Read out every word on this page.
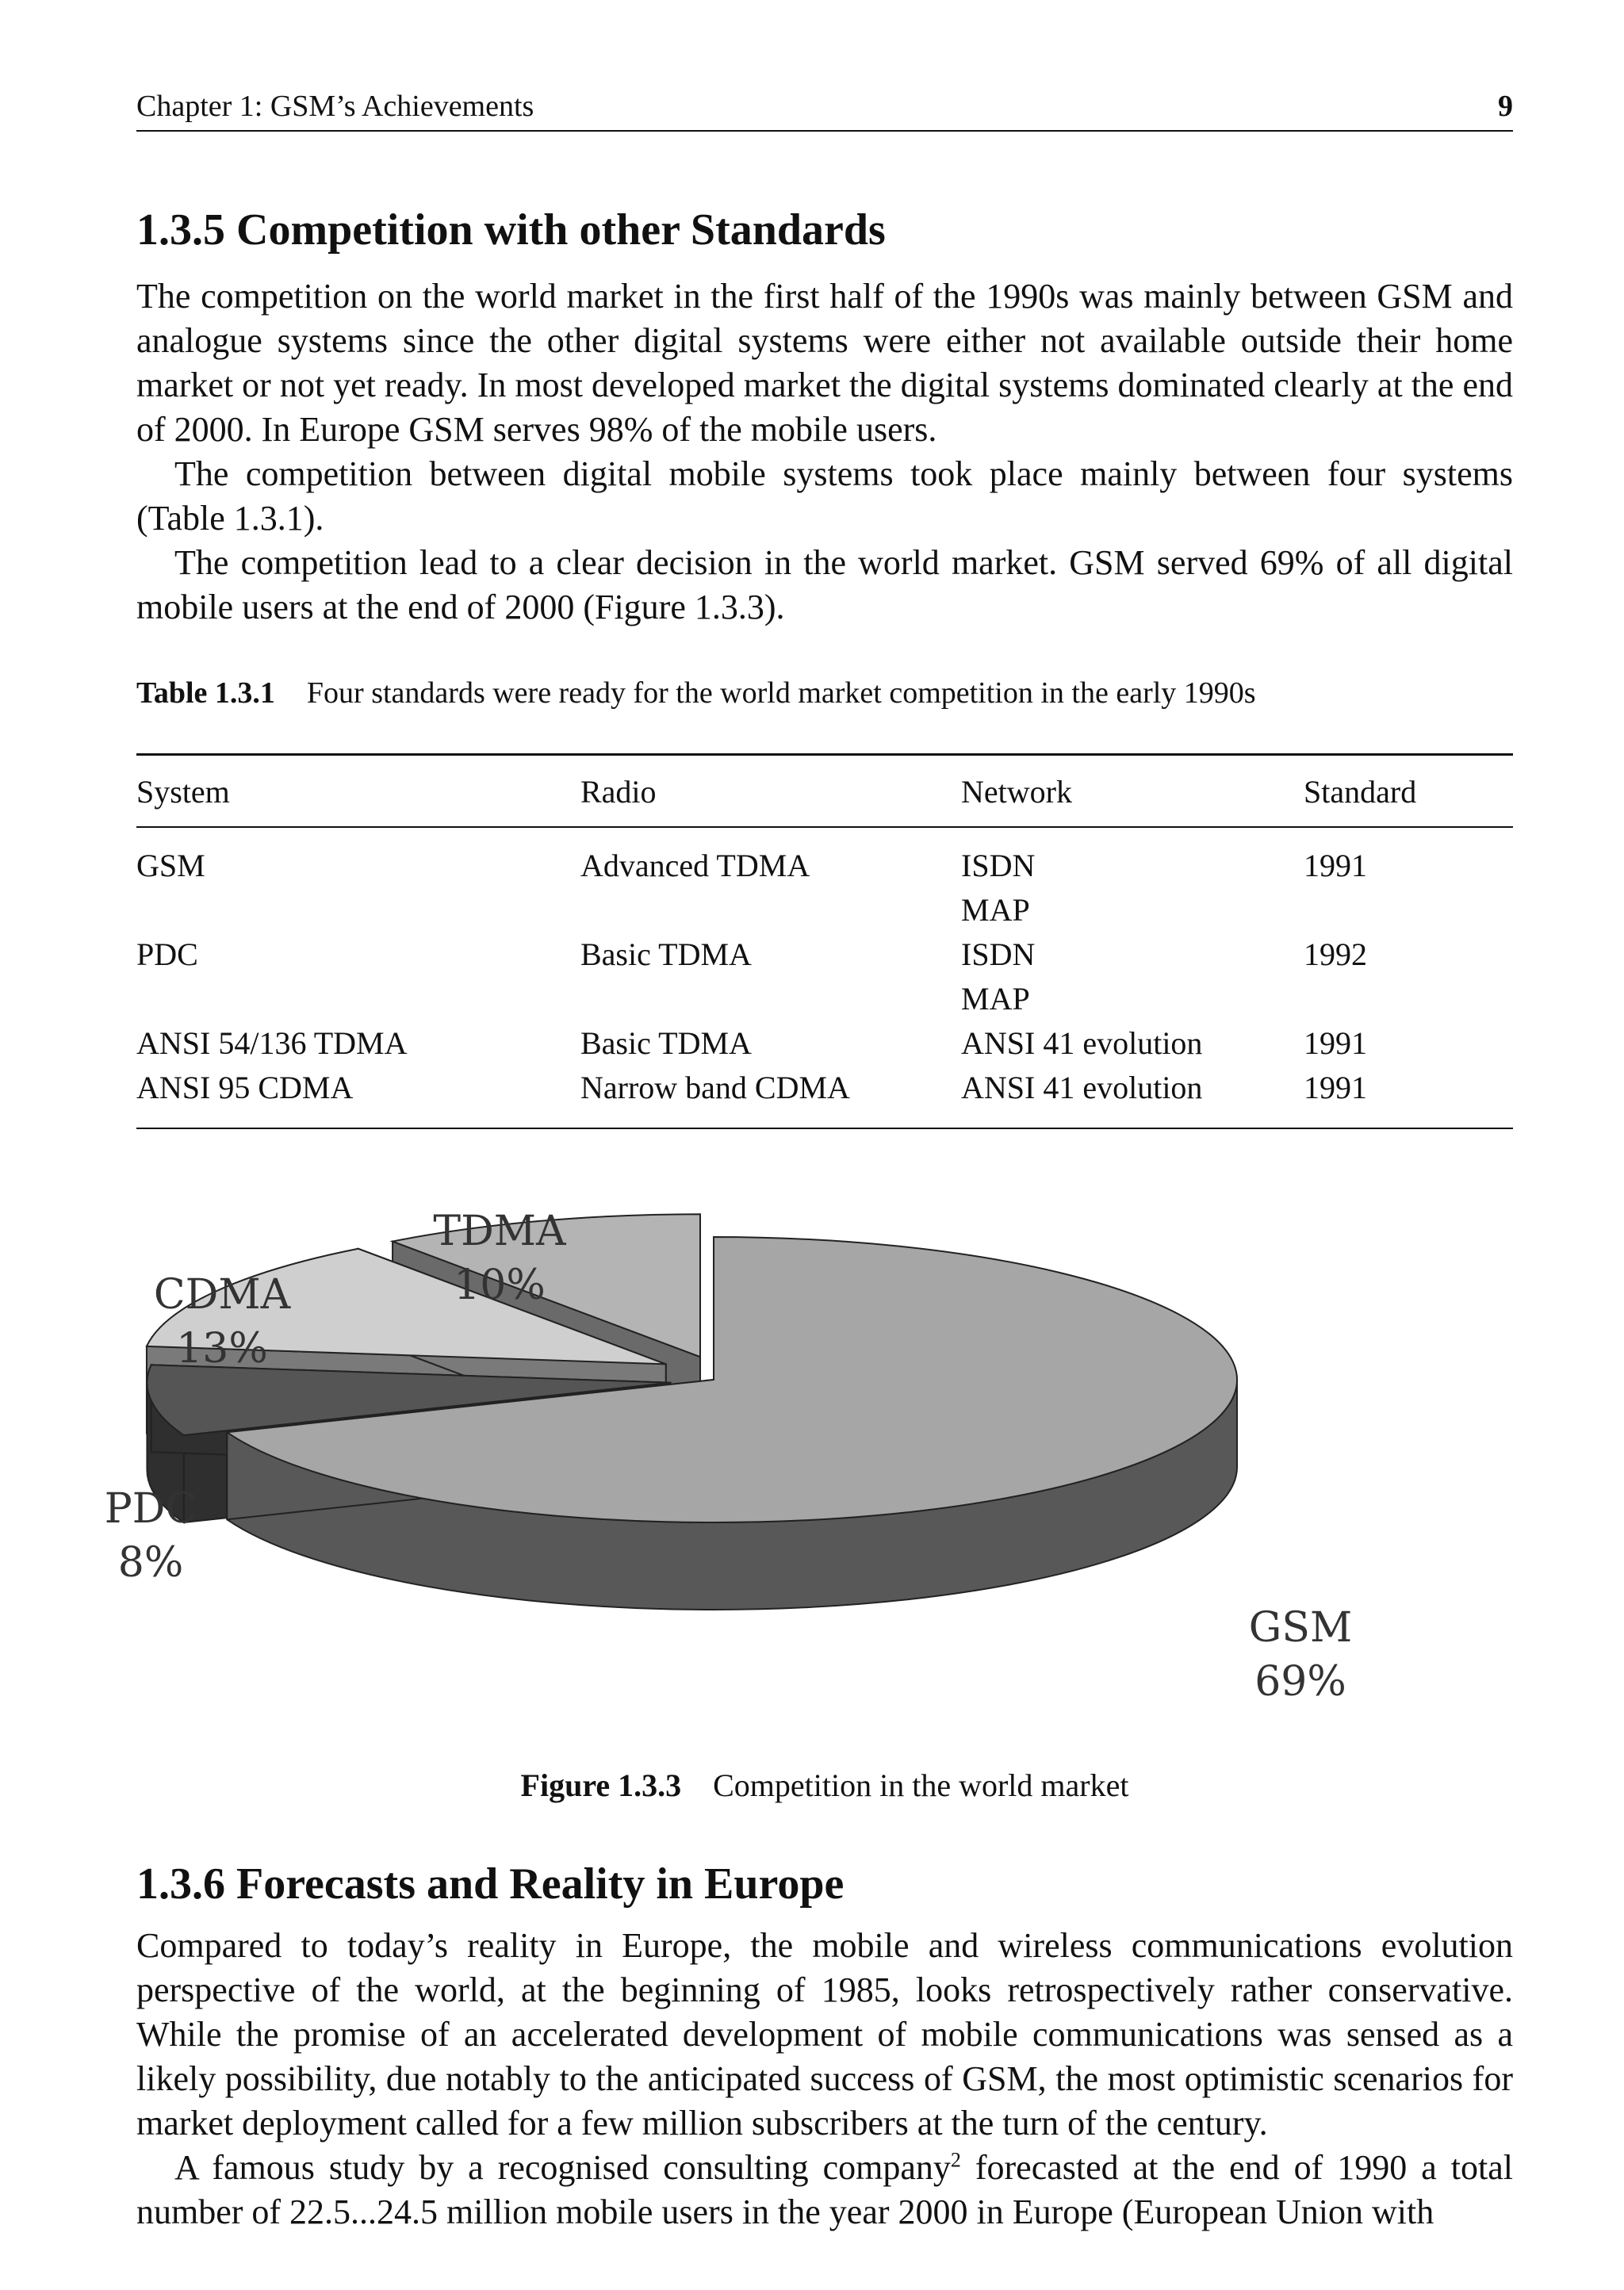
Chapter 1: GSM’s Achievements	9
1.3.5 Competition with other Standards

The competition on the world market in the first half of the 1990s was mainly between GSM and analogue systems since the other digital systems were either not available outside their home market or not yet ready. In most developed market the digital systems dominated clearly at the end of 2000. In Europe GSM serves 98% of the mobile users.

The competition between digital mobile systems took place mainly between four systems (Table 1.3.1).

The competition lead to a clear decision in the world market. GSM served 69% of all digital mobile users at the end of 2000 (Figure 1.3.3).

Table 1.3.1 Four standards were ready for the world market competition in the early 1990s
System	Radio	Network	Standard
GSM	Advanced TDMA	ISDN	1991
		MAP	
PDC	Basic TDMA	ISDN	1992
		MAP	
ANSI 54/136 TDMA	Basic TDMA	ANSI 41 evolution	1991
ANSI 95 CDMA	Narrow band CDMA	ANSI 41 evolution	1991
Figure 1.3.3 Competition in the world market
1.3.6 Forecasts and Reality in Europe

Compared to today’s reality in Europe, the mobile and wireless communications evolution perspective of the world, at the beginning of 1985, looks retrospectively rather conservative. While the promise of an accelerated development of mobile communications was sensed as a likely possibility, due notably to the anticipated success of GSM, the most optimistic scenarios for market deployment called for a few million subscribers at the turn of the century.

A famous study by a recognised consulting company$^2$ forecasted at the end of 1990 a total number of 22.5...24.5 million mobile users in the year 2000 in Europe (European Union with

GSM
69%
PDC
8%
CDMA
13%
TDMA
10%
